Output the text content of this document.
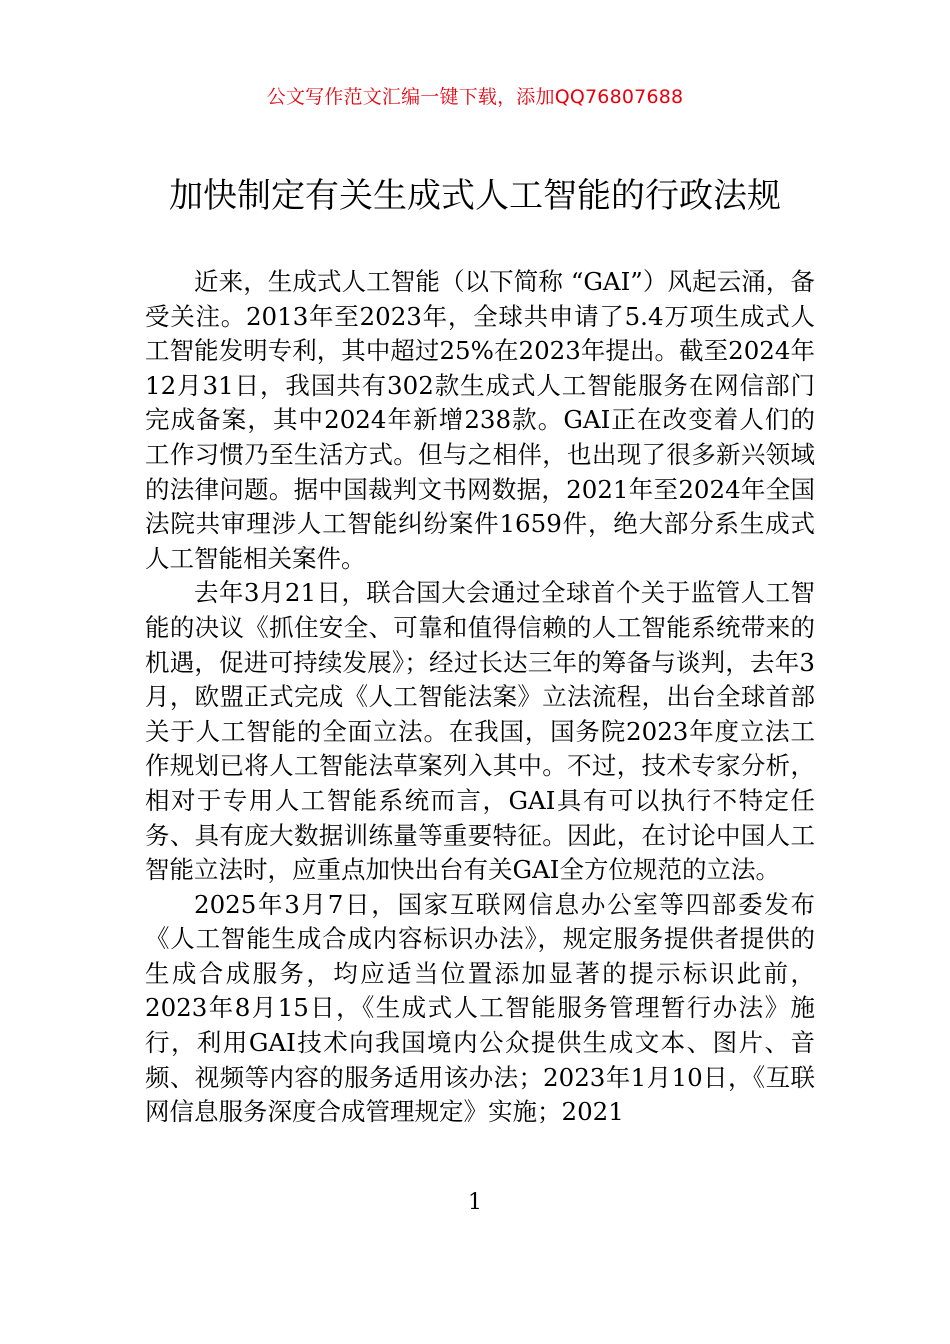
公文写作范文汇编一键下载，添加QQ76807688
加快制定有关生成式人工智能的行政法规

近来，生成式人工智能（以下简称 “GAI”）风起云涌，备受关注。2013年至2023年，全球共申请了5.4万项生成式人工智能发明专利，其中超过25%在2023年提出。截至2024年12月31日，我国共有302款生成式人工智能服务在网信部门完成备案，其中2024年新增238款。GAI正在改变着人们的工作习惯乃至生活方式。但与之相伴，也出现了很多新兴领域的法律问题。据中国裁判文书网数据，2021年至2024年全国法院共审理涉人工智能纠纷案件1659件，绝大部分系生成式人工智能相关案件。

去年3月21日，联合国大会通过全球首个关于监管人工智能的决议《抓住安全、可靠和值得信赖的人工智能系统带来的机遇，促进可持续发展》；经过长达三年的筹备与谈判，去年3月，欧盟正式完成《人工智能法案》立法流程，出台全球首部关于人工智能的全面立法。在我国，国务院2023年度立法工作规划已将人工智能法草案列入其中。不过，技术专家分析，相对于专用人工智能系统而言，GAI具有可以执行不特定任务、具有庞大数据训练量等重要特征。因此，在讨论中国人工智能立法时，应重点加快出台有关GAI全方位规范的立法。

2025年3月7日，国家互联网信息办公室等四部委发布《人工智能生成合成内容标识办法》，规定服务提供者提供的生成合成服务，均应适当位置添加显著的提示标识此前，2023年8月15日，《生成式人工智能服务管理暂行办法》施行，利用GAI技术向我国境内公众提供生成文本、图片、音频、视频等内容的服务适用该办法；2023年1月10日，《互联网信息服务深度合成管理规定》实施；2021

1
